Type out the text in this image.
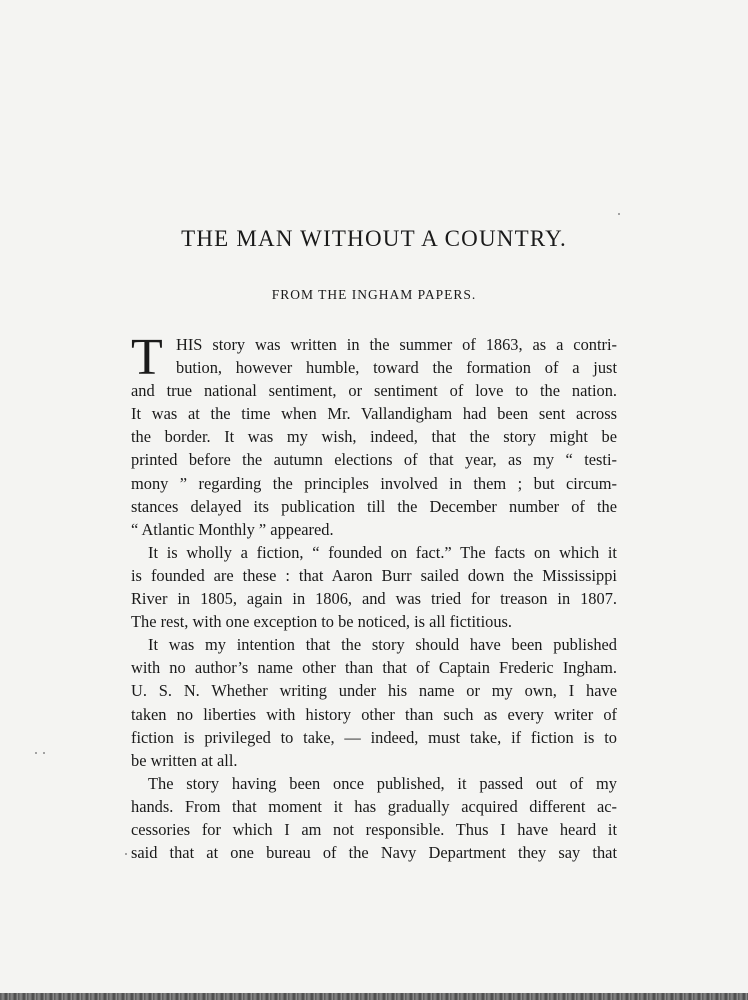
THE MAN WITHOUT A COUNTRY.
FROM THE INGHAM PAPERS.
T HIS story was written in the summer of 1863, as a contri-
bution, however humble, toward the formation of a just
and true national sentiment, or sentiment of love to the nation.
It was at the time when Mr. Vallandigham had been sent across
the border. It was my wish, indeed, that the story might be
printed before the autumn elections of that year, as my “ testi-
mony ” regarding the principles involved in them ; but circum-
stances delayed its publication till the December number of the
“ Atlantic Monthly ” appeared.
It is wholly a fiction, “ founded on fact.” The facts on which it
is founded are these : that Aaron Burr sailed down the Mississippi
River in 1805, again in 1806, and was tried for treason in 1807.
The rest, with one exception to be noticed, is all fictitious.
It was my intention that the story should have been published
with no author’s name other than that of Captain Frederic Ingham.
U. S. N. Whether writing under his name or my own, I have
taken no liberties with history other than such as every writer of
fiction is privileged to take, — indeed, must take, if fiction is to
be written at all.
The story having been once published, it passed out of my
hands. From that moment it has gradually acquired different ac-
cessories for which I am not responsible. Thus I have heard it
said that at one bureau of the Navy Department they say that
